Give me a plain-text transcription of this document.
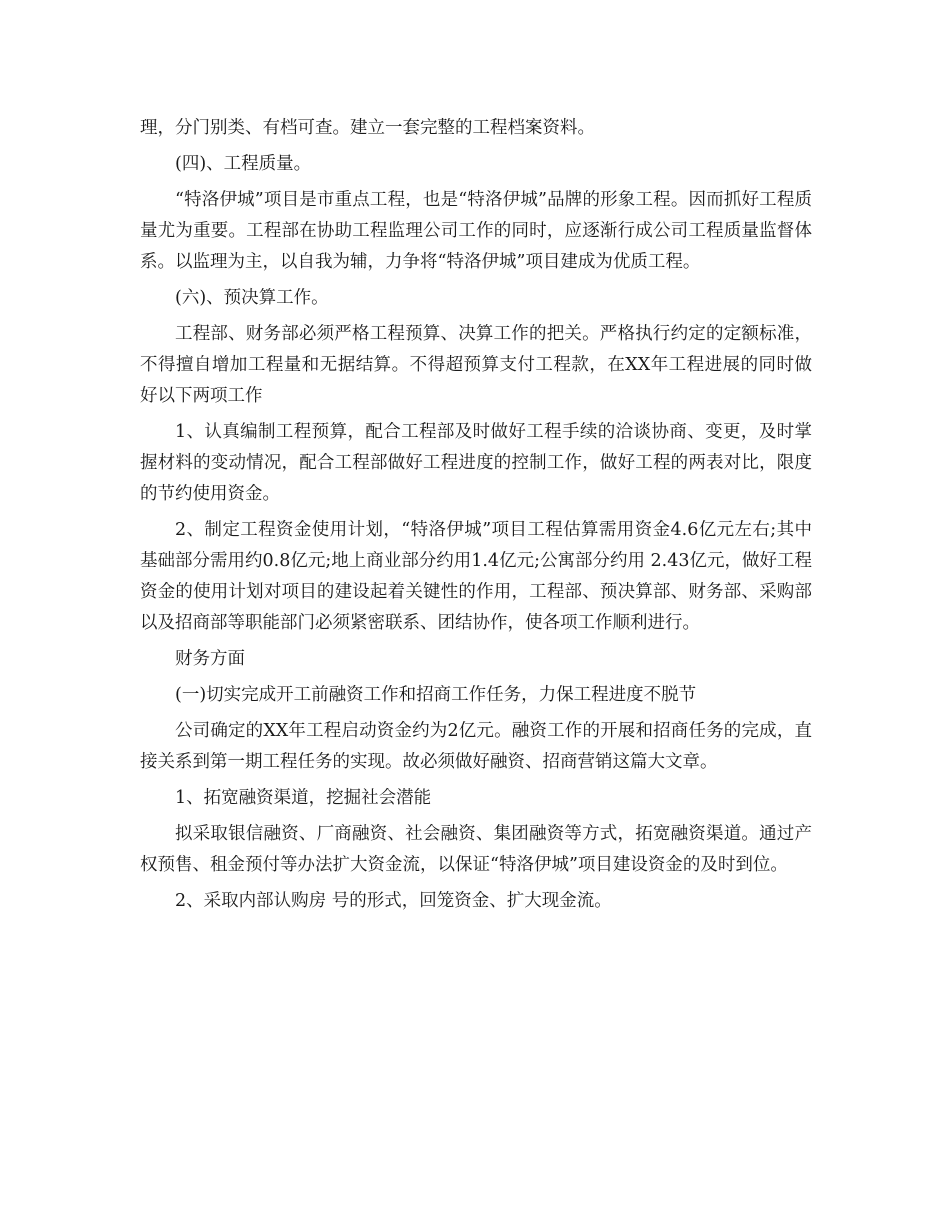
理，分门别类、有档可查。建立一套完整的工程档案资料。

(四)、工程质量。

“特洛伊城”项目是市重点工程，也是“特洛伊城”品牌的形象工程。因而抓好工程质量尤为重要。工程部在协助工程监理公司工作的同时，应逐渐行成公司工程质量监督体系。以监理为主，以自我为辅，力争将“特洛伊城”项目建成为优质工程。

(六)、预决算工作。

工程部、财务部必须严格工程预算、决算工作的把关。严格执行约定的定额标准，不得擅自增加工程量和无据结算。不得超预算支付工程款，在XX年工程进展的同时做好以下两项工作

1、认真编制工程预算，配合工程部及时做好工程手续的洽谈协商、变更，及时掌握材料的变动情况，配合工程部做好工程进度的控制工作，做好工程的两表对比，限度的节约使用资金。

2、制定工程资金使用计划，“特洛伊城”项目工程估算需用资金4.6亿元左右;其中基础部分需用约0.8亿元;地上商业部分约用1.4亿元;公寓部分约用 2.43亿元，做好工程资金的使用计划对项目的建设起着关键性的作用，工程部、预决算部、财务部、采购部以及招商部等职能部门必须紧密联系、团结协作，使各项工作顺利进行。

财务方面

(一)切实完成开工前融资工作和招商工作任务，力保工程进度不脱节

公司确定的XX年工程启动资金约为2亿元。融资工作的开展和招商任务的完成，直接关系到第一期工程任务的实现。故必须做好融资、招商营销这篇大文章。

1、拓宽融资渠道，挖掘社会潜能

拟采取银信融资、厂商融资、社会融资、集团融资等方式，拓宽融资渠道。通过产权预售、租金预付等办法扩大资金流，以保证“特洛伊城”项目建设资金的及时到位。

2、采取内部认购房 号的形式，回笼资金、扩大现金流。
